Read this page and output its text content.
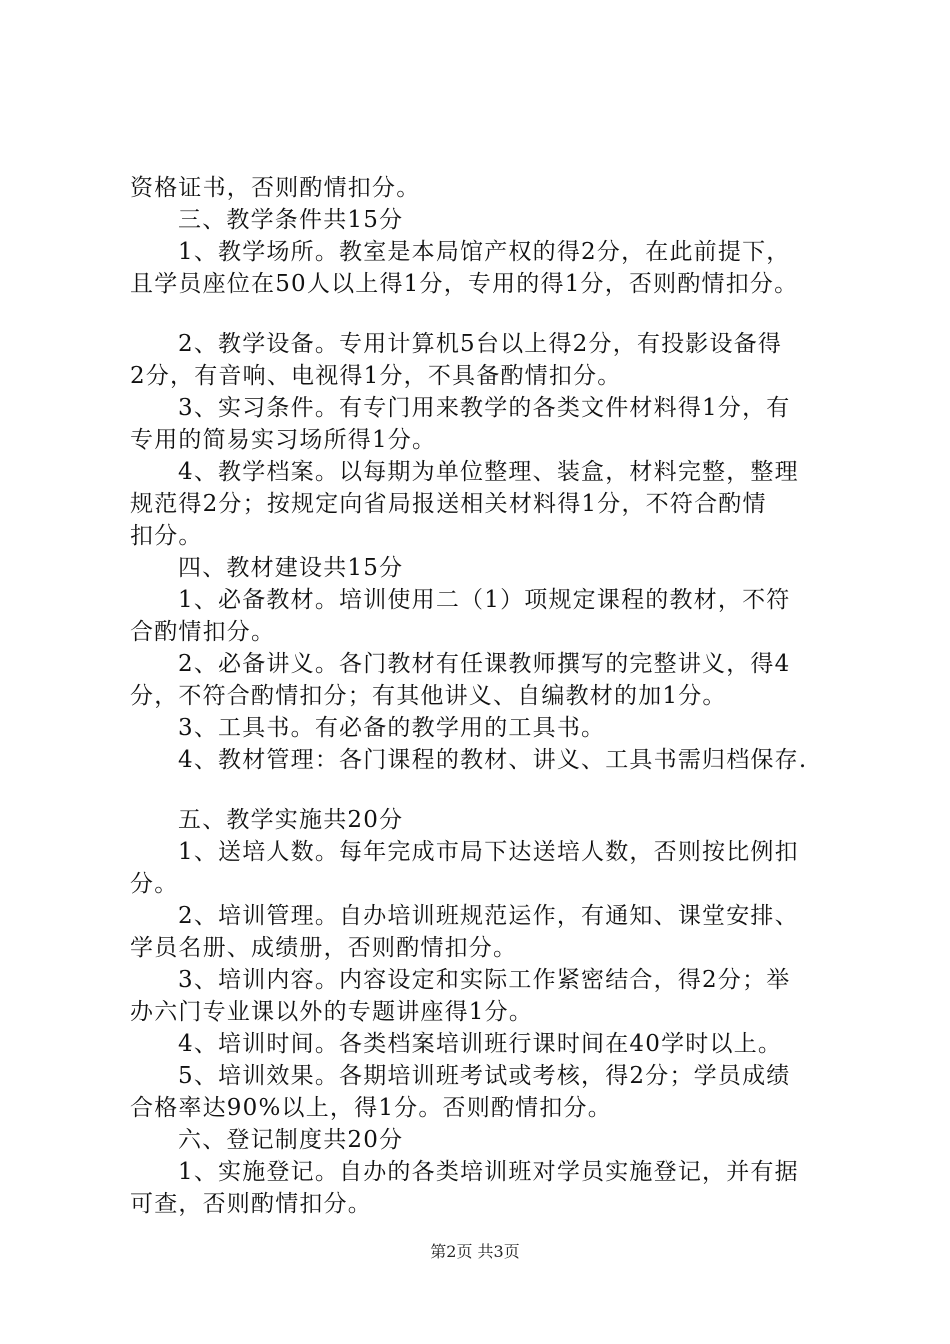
资格证书，否则酌情扣分。
三、教学条件共15分
1、教学场所。教室是本局馆产权的得2分，在此前提下，
且学员座位在50人以上得1分，专用的得1分，否则酌情扣分。
2、教学设备。专用计算机5台以上得2分，有投影设备得
2分，有音响、电视得1分，不具备酌情扣分。
3、实习条件。有专门用来教学的各类文件材料得1分，有
专用的简易实习场所得1分。
4、教学档案。以每期为单位整理、装盒，材料完整，整理
规范得2分；按规定向省局报送相关材料得1分，不符合酌情
扣分。
四、教材建设共15分
1、必备教材。培训使用二（1）项规定课程的教材，不符
合酌情扣分。
2、必备讲义。各门教材有任课教师撰写的完整讲义，得4
分，不符合酌情扣分；有其他讲义、自编教材的加1分。
3、工具书。有必备的教学用的工具书。
4、教材管理：各门课程的教材、讲义、工具书需归档保存.
五、教学实施共20分
1、送培人数。每年完成市局下达送培人数，否则按比例扣
分。
2、培训管理。自办培训班规范运作，有通知、课堂安排、
学员名册、成绩册，否则酌情扣分。
3、培训内容。内容设定和实际工作紧密结合，得2分；举
办六门专业课以外的专题讲座得1分。
4、培训时间。各类档案培训班行课时间在40学时以上。
5、培训效果。各期培训班考试或考核，得2分；学员成绩
合格率达90%以上，得1分。否则酌情扣分。
六、登记制度共20分
1、实施登记。自办的各类培训班对学员实施登记，并有据
可查，否则酌情扣分。
第2页 共3页
